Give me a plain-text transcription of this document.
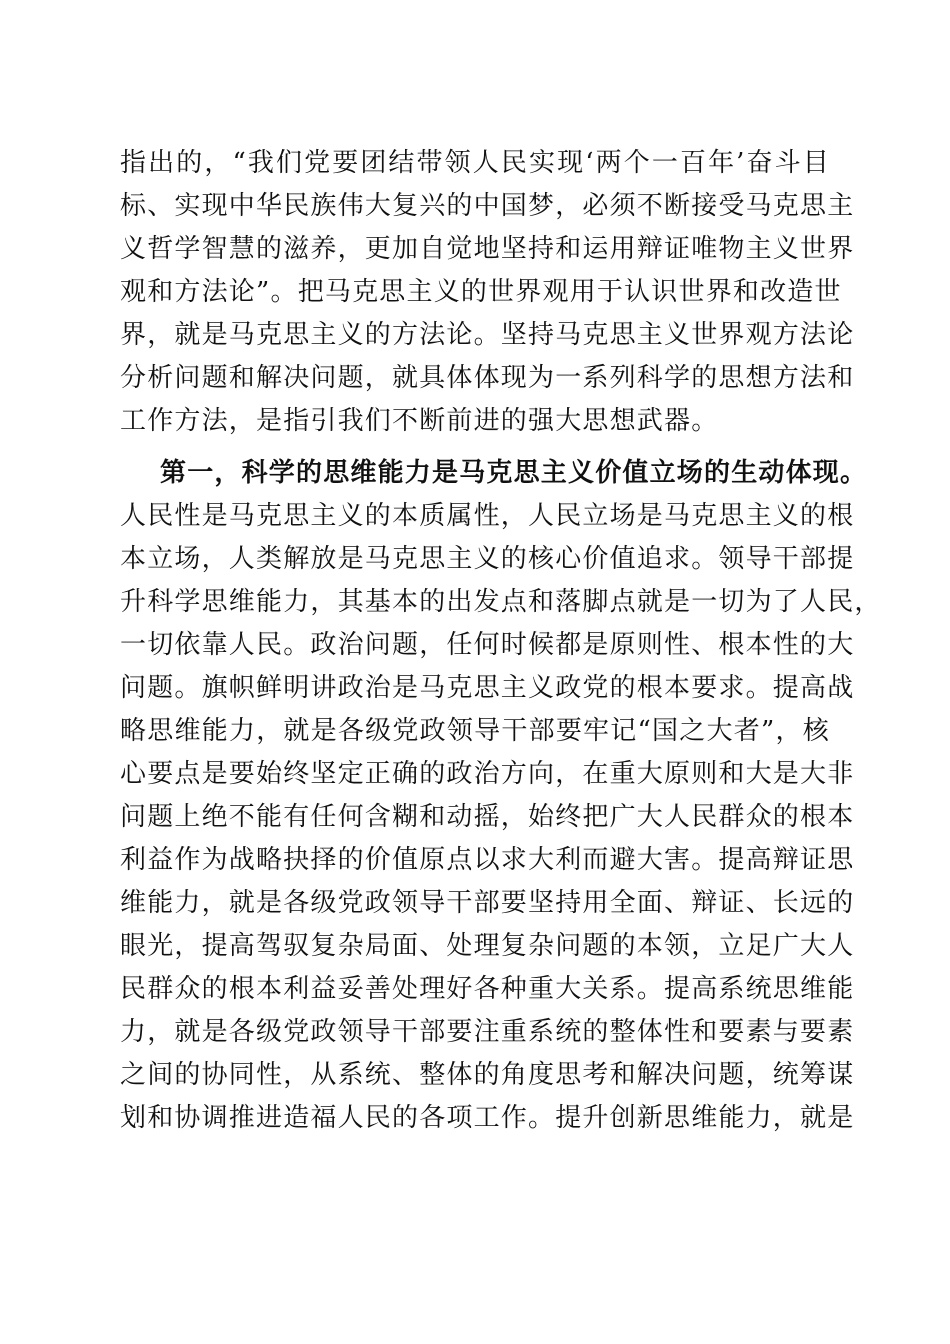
指出的，“我们党要团结带领人民实现‘两个一百年’奋斗目

标、实现中华民族伟大复兴的中国梦，必须不断接受马克思主

义哲学智慧的滋养，更加自觉地坚持和运用辩证唯物主义世界

观和方法论”。把马克思主义的世界观用于认识世界和改造世

界，就是马克思主义的方法论。坚持马克思主义世界观方法论

分析问题和解决问题，就具体体现为一系列科学的思想方法和

工作方法，是指引我们不断前进的强大思想武器。

第一，科学的思维能力是马克思主义价值立场的生动体现。

人民性是马克思主义的本质属性，人民立场是马克思主义的根

本立场，人类解放是马克思主义的核心价值追求。领导干部提

升科学思维能力，其基本的出发点和落脚点就是一切为了人民，

一切依靠人民。政治问题，任何时候都是原则性、根本性的大

问题。旗帜鲜明讲政治是马克思主义政党的根本要求。提高战

略思维能力，就是各级党政领导干部要牢记“国之大者”，核

心要点是要始终坚定正确的政治方向，在重大原则和大是大非

问题上绝不能有任何含糊和动摇，始终把广大人民群众的根本

利益作为战略抉择的价值原点以求大利而避大害。提高辩证思

维能力，就是各级党政领导干部要坚持用全面、辩证、长远的

眼光，提高驾驭复杂局面、处理复杂问题的本领，立足广大人

民群众的根本利益妥善处理好各种重大关系。提高系统思维能

力，就是各级党政领导干部要注重系统的整体性和要素与要素

之间的协同性，从系统、整体的角度思考和解决问题，统筹谋

划和协调推进造福人民的各项工作。提升创新思维能力，就是
